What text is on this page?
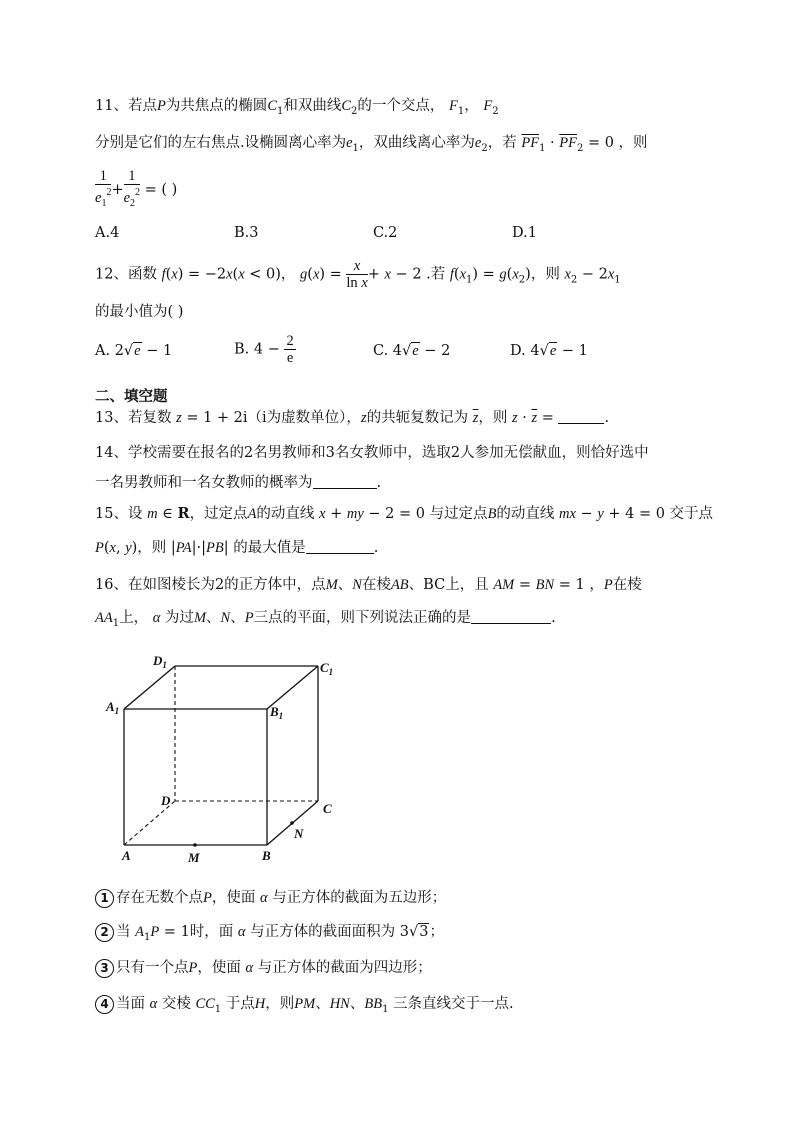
11、若点P为共焦点的椭圆$C_1$和双曲线$C_2$的一个交点， $F_1$， $F_2$
分别是它们的左右焦点.设椭圆离心率为$e_1$，双曲线离心率为$e_2$，若 $\overline{PF}_1 \cdot \overline{PF}_2 = 0$ ，则
$\frac{1}{e_1^2} + \frac{1}{e_2^2}$ = ( )
A.4	B.3	C.2	D.1
12、函数 f(x) = −2x(x < 0)， $g(x) = \frac{x}{\text{ln x}} + x - 2$ .若 $f(x_1) = g(x_2)$，则 $x_2 - 2x_1$
的最小值为( )
A. 2√e − 1	B. $4 - \frac{2}{e}$	C. 4√e − 2	D. 4√e − 1
二、填空题
13、若复数 z = 1 + 2i（i为虚数单位），z的共轭复数记为 $\overline{z}$，则 $z \cdot \overline{z}$ =	.
14、学校需要在报名的2名男教师和3名女教师中，选取2人参加无偿献血，则恰好选中
一名男教师和一名女教师的概率为	.
15、设 m ∈ R，过定点A的动直线 x + my − 2 = 0 与过定点B的动直线 mx − y + 4 = 0 交于点
P(x, y)，则 |PA|·|PB| 的最大值是	.
16、在如图棱长为2的正方体中，点M、N在棱AB、BC上，且 AM = BN = 1 ，P在棱
$AA_1$上， α 为过M、N、P三点的平面，则下列说法正确的是	.
$D_1$	$C_1$
$A_1$	$B_1$
D
C
A	M	B
N
1 存在无数个点P，使面 α 与正方体的截面为五边形；
2 当 $A_1P = 1$时，面 α 与正方体的截面面积为 3√3；
3 只有一个点P，使面 α 与正方体的截面为四边形；
4 当面 α 交棱 $CC_1$ 于点H，则PM、HN、$BB_1$ 三条直线交于一点.
